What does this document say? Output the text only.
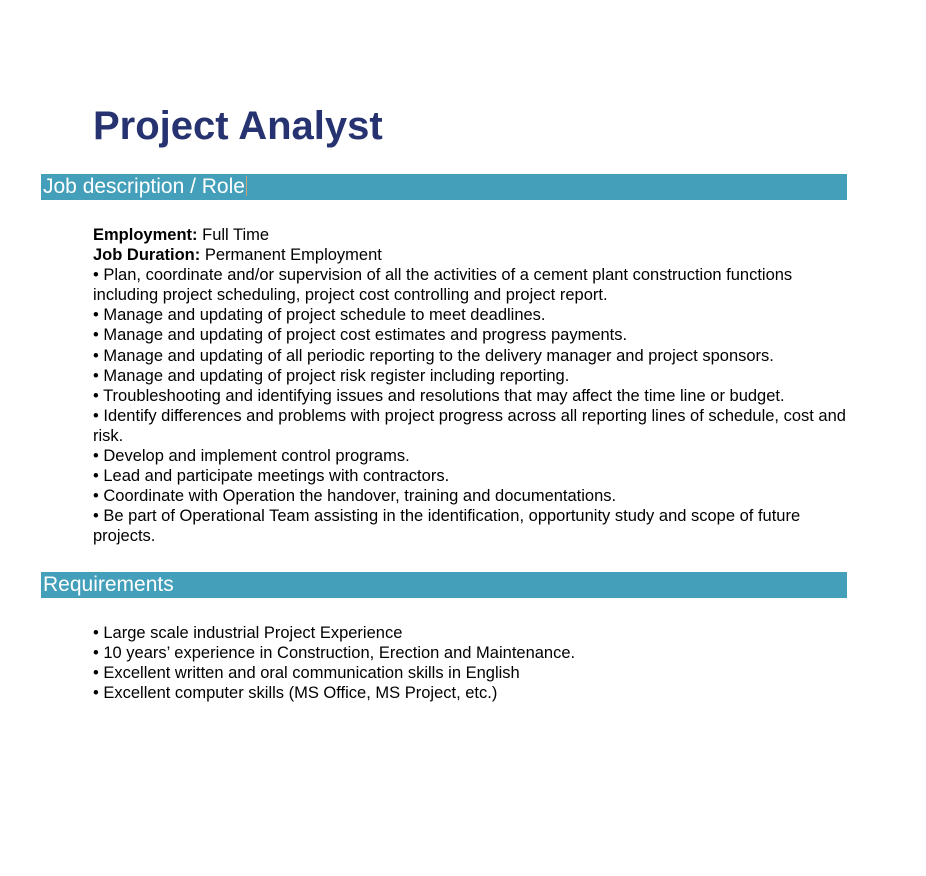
Project Analyst
Job description / Role

Employment: Full Time

Job Duration: Permanent Employment

• Plan, coordinate and/or supervision of all the activities of a cement plant construction functions including project scheduling, project cost controlling and project report.
• Manage and updating of project schedule to meet deadlines.
• Manage and updating of project cost estimates and progress payments.
• Manage and updating of all periodic reporting to the delivery manager and project sponsors.
• Manage and updating of project risk register including reporting.
• Troubleshooting and identifying issues and resolutions that may affect the time line or budget.
• Identify differences and problems with project progress across all reporting lines of schedule, cost and risk.
• Develop and implement control programs.
• Lead and participate meetings with contractors.
• Coordinate with Operation the handover, training and documentations.
• Be part of Operational Team assisting in the identification, opportunity study and scope of future projects.
Requirements
• Large scale industrial Project Experience
• 10 years’ experience in Construction, Erection and Maintenance.
• Excellent written and oral communication skills in English
• Excellent computer skills (MS Office, MS Project, etc.)
